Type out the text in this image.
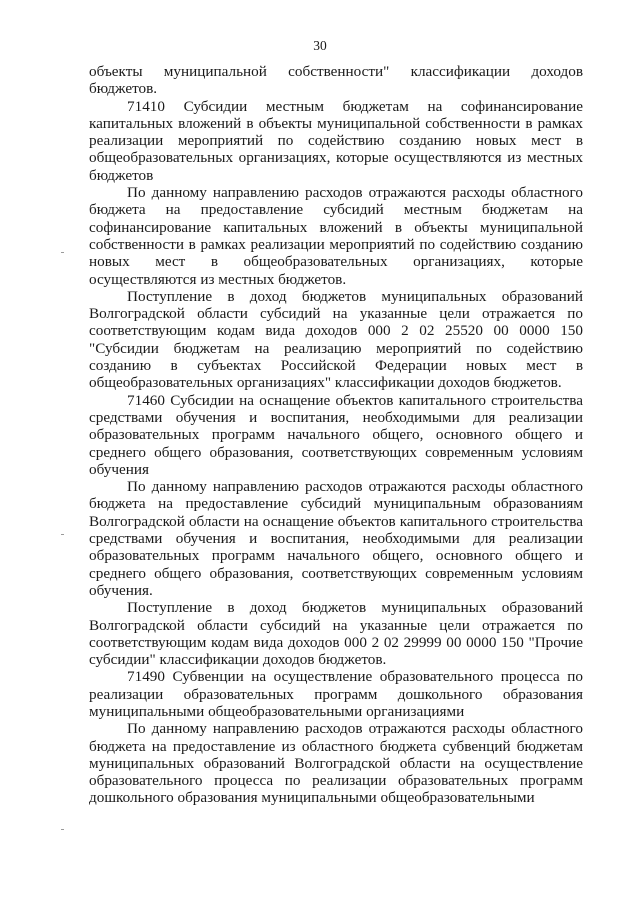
30

объекты муниципальной собственности" классификации доходов бюджетов.

71410 Субсидии местным бюджетам на софинансирование капитальных вложений в объекты муниципальной собственности в рамках реализации мероприятий по содействию созданию новых мест в общеобразовательных организациях, которые осуществляются из местных бюджетов

По данному направлению расходов отражаются расходы областного бюджета на предоставление субсидий местным бюджетам на софинансирование капитальных вложений в объекты муниципальной собственности в рамках реализации мероприятий по содействию созданию новых мест в общеобразовательных организациях, которые осуществляются из местных бюджетов.

Поступление в доход бюджетов муниципальных образований Волгоградской области субсидий на указанные цели отражается по соответствующим кодам вида доходов 000 2 02 25520 00 0000 150 "Субсидии бюджетам на реализацию мероприятий по содействию созданию в субъектах Российской Федерации новых мест в общеобразовательных организациях" классификации доходов бюджетов.

71460 Субсидии на оснащение объектов капитального строительства средствами обучения и воспитания, необходимыми для реализации образовательных программ начального общего, основного общего и среднего общего образования, соответствующих современным условиям обучения

По данному направлению расходов отражаются расходы областного бюджета на предоставление субсидий муниципальным образованиям Волгоградской области на оснащение объектов капитального строительства средствами обучения и воспитания, необходимыми для реализации образовательных программ начального общего, основного общего и среднего общего образования, соответствующих современным условиям обучения.

Поступление в доход бюджетов муниципальных образований Волгоградской области субсидий на указанные цели отражается по соответствующим кодам вида доходов 000 2 02 29999 00 0000 150 "Прочие субсидии" классификации доходов бюджетов.

71490 Субвенции на осуществление образовательного процесса по реализации образовательных программ дошкольного образования муниципальными общеобразовательными организациями

По данному направлению расходов отражаются расходы областного бюджета на предоставление из областного бюджета субвенций бюджетам муниципальных образований Волгоградской области на осуществление образовательного процесса по реализации образовательных программ дошкольного образования муниципальными общеобразовательными
